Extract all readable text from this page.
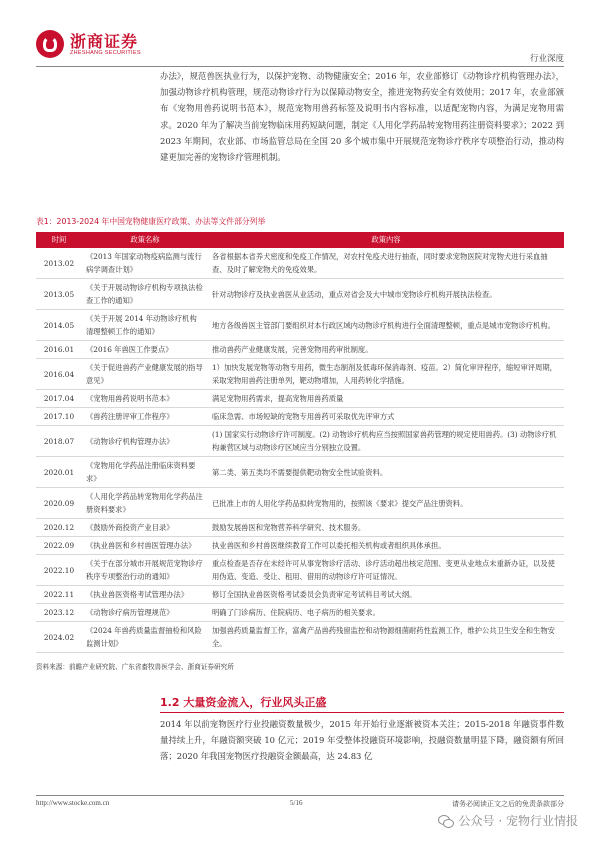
浙商证券
ZHESHANG SECURITIES
行业深度
办法》，规范兽医执业行为，以保护宠物、动物健康安全；2016 年，农业部修订《动物诊疗机构管理办法》，加强动物诊疗机构管理，规范动物诊疗行为以保障动物安全，推进宠物药安全有效使用；2017 年，农业部颁布《宠物用兽药说明书范本》，规范宠物用兽药标签及说明书内容标准，以适配宠物内容，为满足宠物用需求。2020 年为了解决当前宠物临床用药短缺问题，制定《人用化学药品转宠物用药注册资料要求》；2022 到 2023 年期间，农业部、市场监管总局在全国 20 多个城市集中开展规范宠物诊疗秩序专项整治行动，推动构建更加完善的宠物诊疗管理机制。
表1：2013-2024 年中国宠物健康医疗政策、办法等文件部分列举
时间	政策名称	政策内容
2013.02	《2013 年国家动物疫病监测与流行病学调查计划》	各省根据本省养犬密度和免疫工作情况，对农村免疫犬进行抽查，同时要求宠物医院对宠物犬进行采血抽查、及时了解宠物犬的免疫效果。
2013.05	《关于开展动物诊疗机构专项执法检查工作的通知》	针对动物诊疗及执业兽医从业活动，重点对省会及大中城市宠物诊疗机构开展执法检查。
2014.05	《关于开展 2014 年动物诊疗机构清理整顿工作的通知》	地方各级兽医主管部门要组织对本行政区域内动物诊疗机构进行全面清理整顿，重点是城市宠物诊疗机构。
2016.01	《2016 年兽医工作要点》	推动兽药产业健康发展，完善宠物用药审批制度。
2016.04	《关于促进兽药产业健康发展的指导意见》	1）加快发展宠物等动物专用药，微生态制剂及低毒环保消毒剂、疫苗。2）简化审评程序，缩短审评周期，采取宠物用兽药注册单列，靶动物增加，人用药转化学措施。
2017.04	《宠物用兽药说明书范本》	满足宠物用药需求，提高宠物用兽药质量
2017.10	《兽药注册评审工作程序》	临床急需、市场短缺的宠物专用兽药可采取优先评审方式
2018.07	《动物诊疗机构管理办法》	(1) 国家实行动物诊疗许可制度。(2) 动物诊疗机构应当按照国家兽药管理的规定使用兽药。(3) 动物诊疗机构兼营区域与动物诊疗区域应当分别独立设置。
2020.01	《宠物用化学药品注册临床资料要求》	第二类、第五类均不需要提供靶动物安全性试验资料。
2020.09	《人用化学药品转宠物用化学药品注册资料要求》	已批准上市的人用化学药品拟转宠物用的，按照该《要求》提交产品注册资料。
2020.12	《鼓励外商投资产业目录》	鼓励发展兽医和宠物营养科学研究、技术服务。
2022.09	《执业兽医和乡村兽医管理办法》	执业兽医和乡村兽医继续教育工作可以委托相关机构或者组织具体承担。
2022.10	《关于在部分城市开展规范宠物诊疗秩序专项整治行动的通知》	重点检查是否存在未经许可从事宠物诊疗活动、诊疗活动超出核定范围、变更从业地点未重新办证，以及使用伪造、变造、受让、租用、借用的动物诊疗许可证情况。
2022.11	《执业兽医资格考试管理办法》	修订全国执业兽医资格考试委员会负责审定考试科目考试大纲。
2023.12	《动物诊疗病历管理规范》	明确了门诊病历、住院病历、电子病历的相关要求。
2024.02	《2024 年兽药质量监督抽检和风险监测计划》	加强兽药质量监督工作，富禽产品兽药残留监控和动物源细菌耐药性监测工作，维护公共卫生安全和生物安全。
资料来源：前瞻产业研究院、广东省畜牧兽医学会、浙商证券研究所
1.2 大量资金流入，行业风头正盛
2014 年以前宠物医疗行业投融资数量极少，2015 年开始行业逐渐被资本关注；2015-2018 年融资事件数量持续上升，年融资额突破 10 亿元；2019 年受整体投融资环境影响，投融资数量明显下降，融资额有所回落；2020 年我国宠物医疗投融资金额最高，达 24.83 亿
http://www.stocke.com.cn	5/16	请务必阅读正文之后的免责条款部分
公众号 · 宠物行业情报
